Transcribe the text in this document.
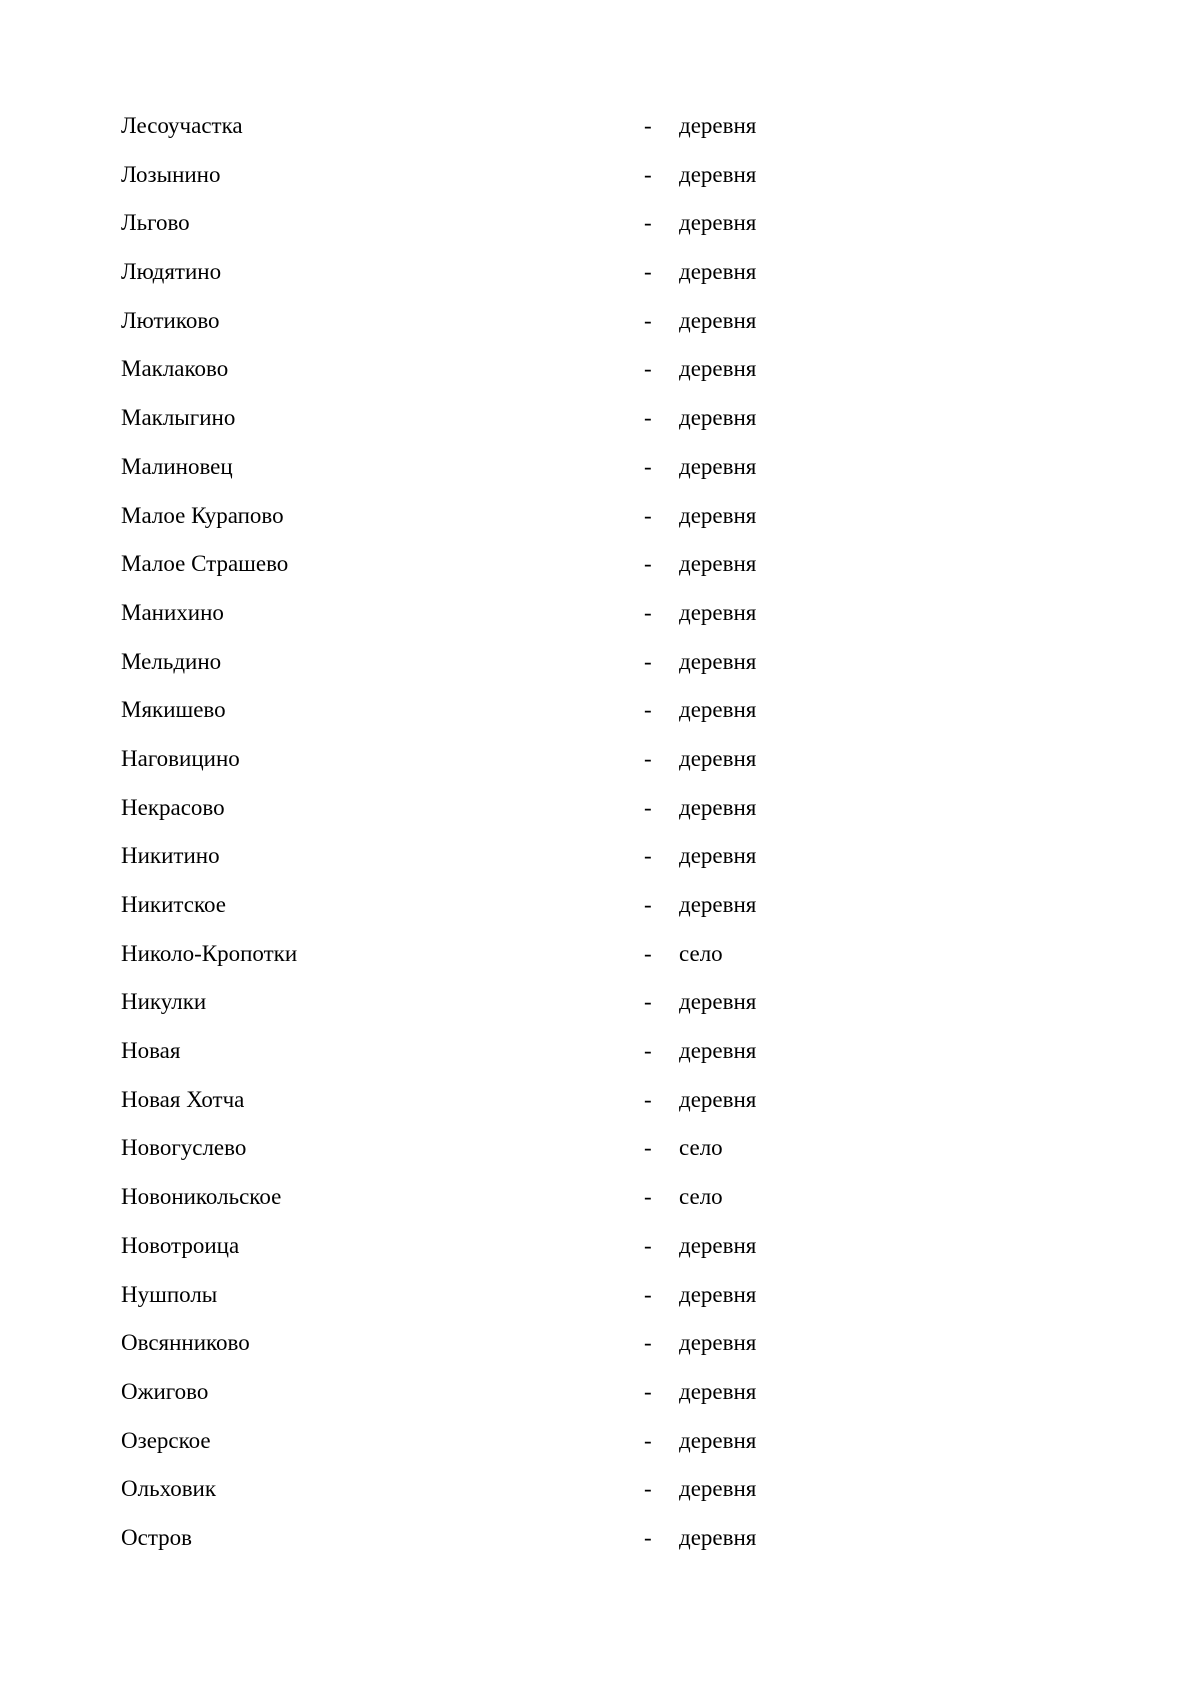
Лесоучастка	- деревня
Лозынино	- деревня
Льгово	- деревня
Людятино	- деревня
Лютиково	- деревня
Маклаково	- деревня
Маклыгино	- деревня
Малиновец	- деревня
Малое Курапово	- деревня
Малое Страшево	- деревня
Манихино	- деревня
Мельдино	- деревня
Мякишево	- деревня
Наговицино	- деревня
Некрасово	- деревня
Никитино	- деревня
Никитское	- деревня
Николо-Кропотки	- село
Никулки	- деревня
Новая	- деревня
Новая Хотча	- деревня
Новогуслево	- село
Новоникольское	- село
Новотроица	- деревня
Нушполы	- деревня
Овсянниково	- деревня
Ожигово	- деревня
Озерское	- деревня
Ольховик	- деревня
Остров	- деревня
